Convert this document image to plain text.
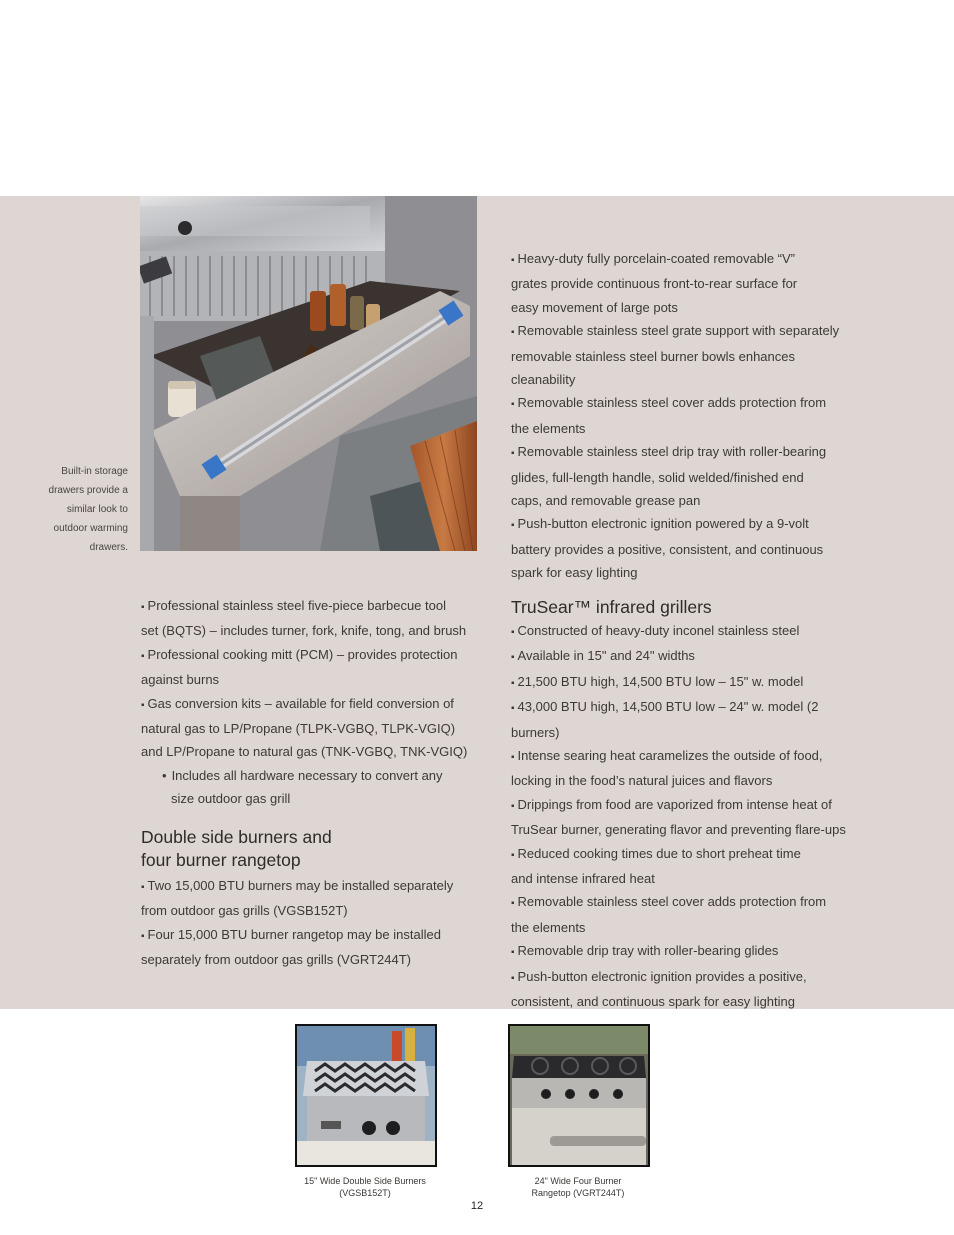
Built-in storage
drawers provide a
similar look to
outdoor warming
drawers.
▪ Heavy-duty fully porcelain-coated removable “V”
grates provide continuous front-to-rear surface for
easy movement of large pots
▪ Removable stainless steel grate support with separately
removable stainless steel burner bowls enhances
cleanability
▪ Removable stainless steel cover adds protection from
the elements
▪ Removable stainless steel drip tray with roller-bearing
glides, full-length handle, solid welded/finished end
caps, and removable grease pan
▪ Push-button electronic ignition powered by a 9-volt
battery provides a positive, consistent, and continuous
spark for easy lighting
▪ Professional stainless steel five-piece barbecue tool
set (BQTS) – includes turner, fork, knife, tong, and brush
▪ Professional cooking mitt (PCM) – provides protection
against burns
▪ Gas conversion kits – available for field conversion of
natural gas to LP/Propane (TLPK-VGBQ, TLPK-VGIQ)
and LP/Propane to natural gas (TNK-VGBQ, TNK-VGIQ)
• Includes all hardware necessary to convert any
size outdoor gas grill
Double side burners and
four burner rangetop
▪ Two 15,000 BTU burners may be installed separately
from outdoor gas grills (VGSB152T)
▪ Four 15,000 BTU burner rangetop may be installed
separately from outdoor gas grills (VGRT244T)
TruSear™ infrared grillers
▪ Constructed of heavy-duty inconel stainless steel
▪ Available in 15" and 24" widths
▪ 21,500 BTU high, 14,500 BTU low – 15" w. model
▪ 43,000 BTU high, 14,500 BTU low – 24" w. model (2 burners)
▪ Intense searing heat caramelizes the outside of food,
locking in the food’s natural juices and flavors
▪ Drippings from food are vaporized from intense heat of
TruSear burner, generating flavor and preventing flare-ups
▪ Reduced cooking times due to short preheat time
and intense infrared heat
▪ Removable stainless steel cover adds protection from
the elements
▪ Removable drip tray with roller-bearing glides
▪ Push-button electronic ignition provides a positive,
consistent, and continuous spark for easy lighting
15" Wide Double Side Burners
(VGSB152T)
24" Wide Four Burner
Rangetop (VGRT244T)
12
